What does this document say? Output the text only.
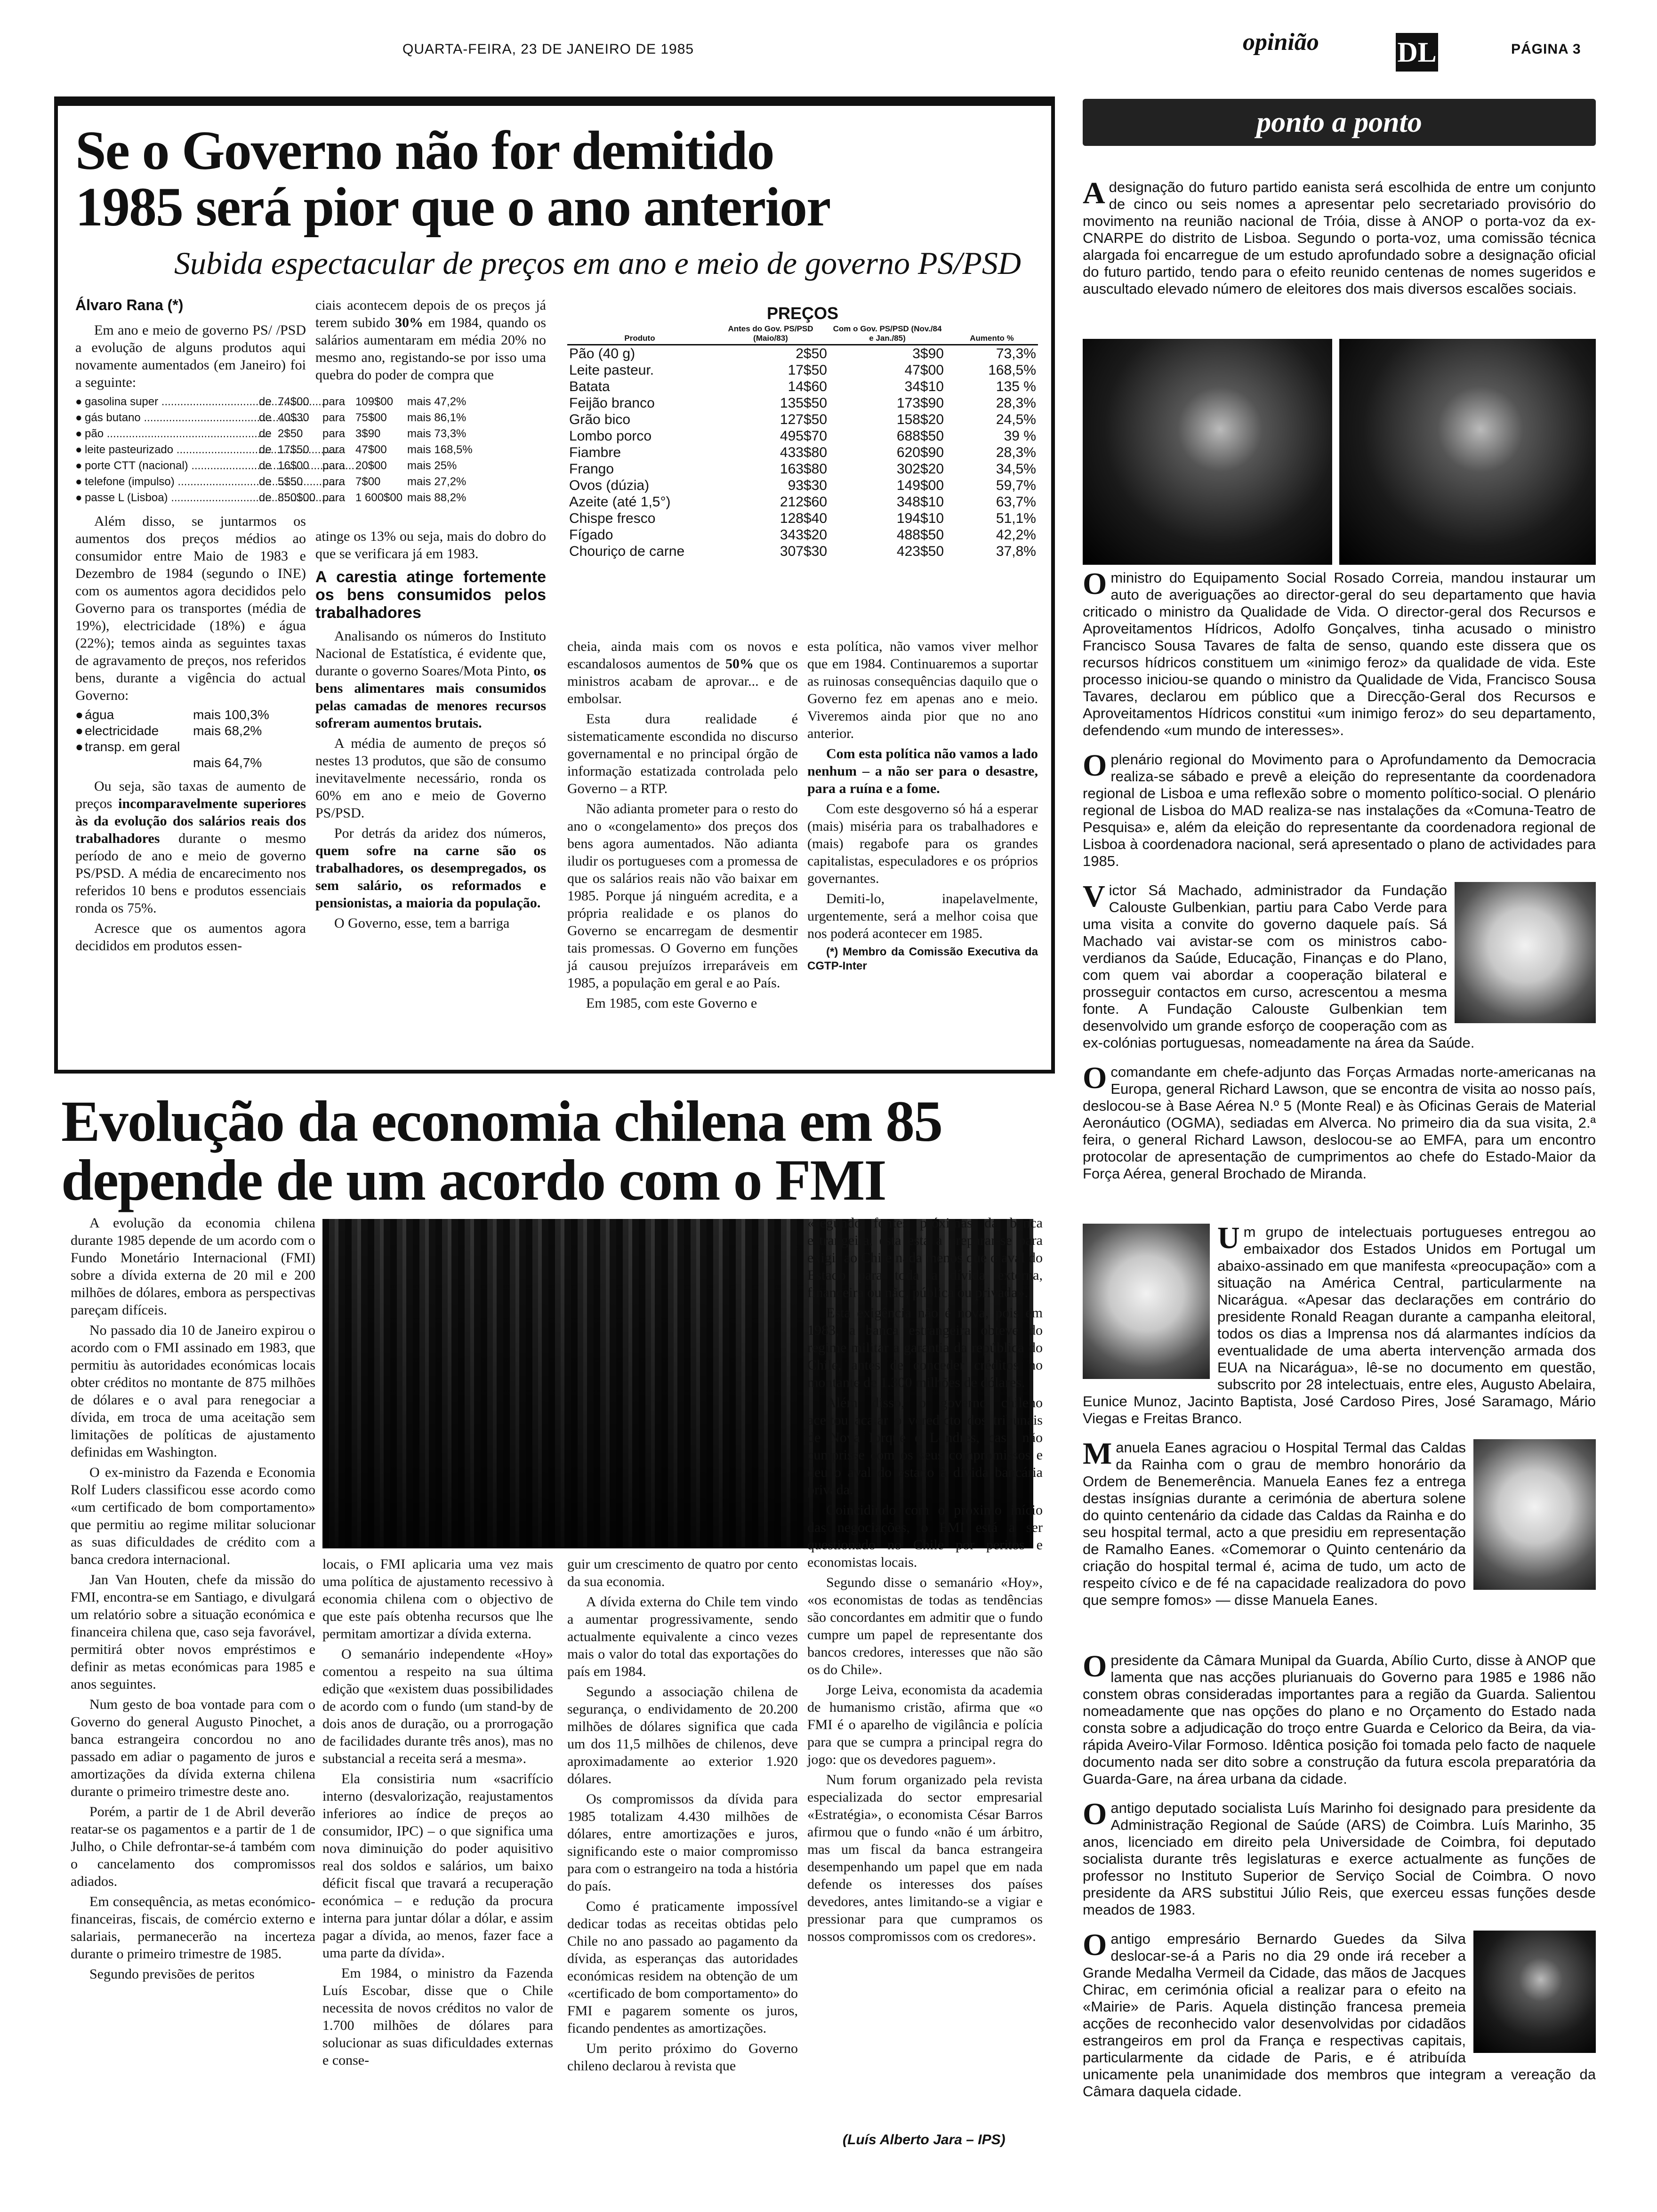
QUARTA-FEIRA, 23 DE JANEIRO DE 1985	opinião	DL	PÁGINA 3
Se o Governo não for demitido
1985 será pior que o ano anterior
Subida espectacular de preços em ano e meio de governo PS/PSD
Álvaro Rana (*)

Em ano e meio de governo PS/ /PSD a evolução de alguns produtos aqui novamente aumentados (em Janeiro) foi a seguinte:

● gasolina super .....	de 74$00	para 109$00	mais 47,2%
● gás butano .....	de 40$30	para 75$00	mais 86,1%
● pão .....	de 2$50	para 3$90	mais 73,3%
● leite pasteurizado .....	de 17$50	para 47$00	mais 168,5%
● porte CTT (nacional) .....	de 16$00	para 20$00	mais 25%
● telefone (impulso) .....	de 5$50	para 7$00	mais 27,2%
● passe L (Lisboa) .....	de 850$00 para 1 600$00 mais 88,2%

Além disso, se juntarmos os aumentos dos preços médios ao consumidor entre Maio de 1983 e Dezembro de 1984 (segundo o INE) com os aumentos agora decididos pelo Governo para os transportes (média de 19%), electricidade (18%) e água (22%); temos ainda as seguintes taxas de agravamento de preços, nos referidos bens, durante a vigência do actual Governo:

● água	mais 100,3%
● electricidade	mais 68,2%
● transp. em geral
mais 64,7%

Ou seja, são taxas de aumento de preços incomparavelmente superiores às da evolução dos salários reais dos trabalhadores durante o mesmo período de ano e meio de governo PS/PSD. A média de encarecimento nos referidos 10 bens e produtos essenciais ronda os 75%.

Acresce que os aumentos agora decididos em produtos essen-

ciais acontecem depois de os preços já terem subido 30% em 1984, quando os salários aumentaram em média 20% no mesmo ano, registando-se por isso uma quebra do poder de compra que

atinge os 13% ou seja, mais do dobro do que se verificara já em 1983.

A carestia atinge fortemente os bens consumidos pelos trabalhadores

Analisando os números do Instituto Nacional de Estatística, é evidente que, durante o governo Soares/Mota Pinto, os bens alimentares mais consumidos pelas camadas de menores recursos sofreram aumentos brutais.

A média de aumento de preços só nestes 13 produtos, que são de consumo inevitavelmente necessário, ronda os 60% em ano e meio de Governo PS/PSD.

Por detrás da aridez dos números, quem sofre na carne são os trabalhadores, os desempregados, os sem salário, os reformados e pensionistas, a maioria da população.

O Governo, esse, tem a barriga

PREÇOS
Produto	Antes do Gov. PS/PSD (Maio/83)	Com o Gov. PS/PSD (Nov./84 e Jan./85)	Aumento %
Pão (40 g)	2$50	3$90	73,3%
Leite pasteur.	17$50	47$00	168,5%
Batata	14$60	34$10	135 %
Feijão branco	135$50	173$90	28,3%
Grão bico	127$50	158$20	24,5%
Lombo porco	495$70	688$50	39 %
Fiambre	433$80	620$90	28,3%
Frango	163$80	302$20	34,5%
Ovos (dúzia)	93$30	149$00	59,7%
Azeite (até 1,5°)	212$60	348$10	63,7%
Chispe fresco	128$40	194$10	51,1%
Fígado	343$20	488$50	42,2%
Chouriço de carne	307$30	423$50	37,8%

cheia, ainda mais com os novos e escandalosos aumentos de 50% que os ministros acabam de aprovar... e de embolsar.

Esta dura realidade é sistematicamente escondida no discurso governamental e no principal órgão de informação estatizada controlada pelo Governo – a RTP.

Não adianta prometer para o resto do ano o «congelamento» dos preços dos bens agora aumentados. Não adianta iludir os portugueses com a promessa de que os salários reais não vão baixar em 1985. Porque já ninguém acredita, e a própria realidade e os planos do Governo se encarregam de desmentir tais promessas. O Governo em funções já causou prejuízos irreparáveis em 1985, a população em geral e ao País.

Em 1985, com este Governo e

esta política, não vamos viver melhor que em 1984. Continuaremos a suportar as ruinosas consequências daquilo que o Governo fez em apenas ano e meio. Viveremos ainda pior que no ano anterior.

Com esta política não vamos a lado nenhum – a não ser para o desastre, para a ruína e a fome.

Com este desgoverno só há a esperar (mais) miséria para os trabalhadores e (mais) regabofe para os grandes capitalistas, especuladores e os próprios governantes.

Demiti-lo, inapelavelmente, urgentemente, será a melhor coisa que nos poderá acontecer em 1985.

(*) Membro da Comissão Executiva da CGTP-Inter

Evolução da economia chilena em 85
depende de um acordo com o FMI

A evolução da economia chilena durante 1985 depende de um acordo com o Fundo Monetário Internacional (FMI) sobre a dívida externa de 20 mil e 200 milhões de dólares, embora as perspectivas pareçam difíceis.

No passado dia 10 de Janeiro expirou o acordo com o FMI assinado em 1983, que permitiu às autoridades económicas locais obter créditos no montante de 875 milhões de dólares e o aval para renegociar a dívida, em troca de uma aceitação sem limitações de políticas de ajustamento definidas em Washington.

O ex-ministro da Fazenda e Economia Rolf Luders classificou esse acordo como «um certificado de bom comportamento» que permitiu ao regime militar solucionar as suas dificuldades de crédito com a banca credora internacional.

Jan Van Houten, chefe da missão do FMI, encontra-se em Santiago, e divulgará um relatório sobre a situação económica e financeira chilena que, caso seja favorável, permitirá obter novos empréstimos e definir as metas económicas para 1985 e anos seguintes.

Num gesto de boa vontade para com o Governo do general Augusto Pinochet, a banca estrangeira concordou no ano passado em adiar o pagamento de juros e amortizações da dívida externa chilena durante o primeiro trimestre deste ano.

Porém, a partir de 1 de Abril deverão reatar-se os pagamentos e a partir de 1 de Julho, o Chile defrontar-se-á também com o cancelamento dos compromissos adiados.

Em consequência, as metas económico-financeiras, fiscais, de comércio externo e salariais, permanecerão na incerteza durante o primeiro trimestre de 1985.

Segundo previsões de peritos

locais, o FMI aplicaria uma vez mais uma política de ajustamento recessivo à economia chilena com o objectivo de que este país obtenha recursos que lhe permitam amortizar a dívida externa.

O semanário independente «Hoy» comentou a respeito na sua última edição que «existem duas possibilidades de acordo com o fundo (um stand-by de dois anos de duração, ou a prorrogação de facilidades durante três anos), mas no substancial a receita será a mesma».

Ela consistiria num «sacrifício interno (desvalorização, reajustamentos inferiores ao índice de preços ao consumidor, IPC) – o que significa uma nova diminuição do poder aquisitivo real dos soldos e salários, um baixo déficit fiscal que travará a recuperação económica – e redução da procura interna para juntar dólar a dólar, e assim pagar a dívida, ao menos, fazer face a uma parte da dívida».

Em 1984, o ministro da Fazenda Luís Escobar, disse que o Chile necessita de novos créditos no valor de 1.700 milhões de dólares para solucionar as suas dificuldades externas e conse-

guir um crescimento de quatro por cento da sua economia.

A dívida externa do Chile tem vindo a aumentar progressivamente, sendo actualmente equivalente a cinco vezes mais o valor do total das exportações do país em 1984.

Segundo a associação chilena de segurança, o endividamento de 20.200 milhões de dólares significa que cada um dos 11,5 milhões de chilenos, deve aproximadamente ao exterior 1.920 dólares.

Os compromissos da dívida para 1985 totalizam 4.430 milhões de dólares, entre amortizações e juros, significando este o maior compromisso para com o estrangeiro na toda a história do país.

Como é praticamente impossível dedicar todas as receitas obtidas pelo Chile no ano passado ao pagamento da dívida, as esperanças das autoridades económicas residem na obtenção de um «certificado de bom comportamento» do FMI e pagarem somente os juros, ficando pendentes as amortizações.

Um perito próximo do Governo chileno declarou à revista que

«segundo fontes próximas da banca estrangeira, esta está a preparar-se para exigir ao Chile nada menos que o aval do Estado para toda a dívida externa, financeira ou não, pública ou privada».

Esta exigência não é nova, pois em 1983, a banca estrangeira obteve do regime militar a garantia da república do Chile, antes de conceder créditos no montante de 1.300 milhões de dólares.

Além disso, o governo chileno aceitou acatar o veredicto dos tribunais de Nova Iorque e Londres, caso não cumprisse com os seus compromissos e deu o aval do estado à dívida bancária privada.

Coincidindo com o próximo início das negociações, o FMI está a ser questionado no Chile por peritos e economistas locais.

Segundo disse o semanário «Hoy», «os economistas de todas as tendências são concordantes em admitir que o fundo cumpre um papel de representante dos bancos credores, interesses que não são os do Chile».

Jorge Leiva, economista da academia de humanismo cristão, afirma que «o FMI é o aparelho de vigilância e polícia para que se cumpra a principal regra do jogo: que os devedores paguem».

Num forum organizado pela revista especializada do sector empresarial «Estratégia», o economista César Barros afirmou que o fundo «não é um árbitro, mas um fiscal da banca estrangeira desempenhando um papel que em nada defende os interesses dos países devedores, antes limitando-se a vigiar e pressionar para que cumpramos os nossos compromissos com os credores».

(Luís Alberto Jara – IPS)
ponto a ponto

Adesignação do futuro partido eanista será escolhida de entre um conjunto de cinco ou seis nomes a apresentar pelo secretariado provisório do movimento na reunião nacional de Tróia, disse à ANOP o porta-voz da ex-CNARPE do distrito de Lisboa. Segundo o porta-voz, uma comissão técnica alargada foi encarregue de um estudo aprofundado sobre a designação oficial do futuro partido, tendo para o efeito reunido centenas de nomes sugeridos e auscultado elevado número de eleitores dos mais diversos escalões sociais.

Oministro do Equipamento Social Rosado Correia, mandou instaurar um auto de averiguações ao director-geral do seu departamento que havia criticado o ministro da Qualidade de Vida. O director-geral dos Recursos e Aproveitamentos Hídricos, Adolfo Gonçalves, tinha acusado o ministro Francisco Sousa Tavares de falta de senso, quando este dissera que os recursos hídricos constituem um «inimigo feroz» da qualidade de vida. Este processo iniciou-se quando o ministro da Qualidade de Vida, Francisco Sousa Tavares, declarou em público que a Direcção-Geral dos Recursos e Aproveitamentos Hídricos constitui «um inimigo feroz» do seu departamento, defendendo «um mundo de interesses».

Oplenário regional do Movimento para o Aprofundamento da Democracia realiza-se sábado e prevê a eleição do representante da coordenadora regional de Lisboa e uma reflexão sobre o momento político-social. O plenário regional de Lisboa do MAD realiza-se nas instalações da «Comuna-Teatro de Pesquisa» e, além da eleição do representante da coordenadora regional de Lisboa à coordenadora nacional, será apresentado o plano de actividades para 1985.

Victor Sá Machado, administrador da Fundação Calouste Gulbenkian, partiu para Cabo Verde para uma visita a convite do governo daquele país. Sá Machado vai avistar-se com os ministros cabo-verdianos da Saúde, Educação, Finanças e do Plano, com quem vai abordar a cooperação bilateral e prosseguir contactos em curso, acrescentou a mesma fonte. A Fundação Calouste Gulbenkian tem desenvolvido um grande esforço de cooperação com as ex-colónias portuguesas, nomeadamente na área da Saúde.

Ocomandante em chefe-adjunto das Forças Armadas norte-americanas na Europa, general Richard Lawson, que se encontra de visita ao nosso país, deslocou-se à Base Aérea N.º 5 (Monte Real) e às Oficinas Gerais de Material Aeronáutico (OGMA), sediadas em Alverca. No primeiro dia da sua visita, 2.ª feira, o general Richard Lawson, deslocou-se ao EMFA, para um encontro protocolar de apresentação de cumprimentos ao chefe do Estado-Maior da Força Aérea, general Brochado de Miranda.

Um grupo de intelectuais portugueses entregou ao embaixador dos Estados Unidos em Portugal um abaixo-assinado em que manifesta «preocupação» com a situação na América Central, particularmente na Nicarágua. «Apesar das declarações em contrário do presidente Ronald Reagan durante a campanha eleitoral, todos os dias a Imprensa nos dá alarmantes indícios da eventualidade de uma aberta intervenção armada dos EUA na Nicarágua», lê-se no documento em questão, subscrito por 28 intelectuais, entre eles, Augusto Abelaira, Eunice Munoz, Jacinto Baptista, José Cardoso Pires, José Saramago, Mário Viegas e Freitas Branco.

Manuela Eanes agraciou o Hospital Termal das Caldas da Rainha com o grau de membro honorário da Ordem de Benemerência. Manuela Eanes fez a entrega destas insígnias durante a cerimónia de abertura solene do quinto centenário da cidade das Caldas da Rainha e do seu hospital termal, acto a que presidiu em representação de Ramalho Eanes. «Comemorar o Quinto centenário da criação do hospital termal é, acima de tudo, um acto de respeito cívico e de fé na capacidade realizadora do povo que sempre fomos» — disse Manuela Eanes.

Opresidente da Câmara Munipal da Guarda, Abílio Curto, disse à ANOP que lamenta que nas acções plurianuais do Governo para 1985 e 1986 não constem obras consideradas importantes para a região da Guarda. Salientou nomeadamente que nas opções do plano e no Orçamento do Estado nada consta sobre a adjudicação do troço entre Guarda e Celorico da Beira, da via-rápida Aveiro-Vilar Formoso. Idêntica posição foi tomada pelo facto de naquele documento nada ser dito sobre a construção da futura escola preparatória da Guarda-Gare, na área urbana da cidade.

Oantigo deputado socialista Luís Marinho foi designado para presidente da Administração Regional de Saúde (ARS) de Coimbra. Luís Marinho, 35 anos, licenciado em direito pela Universidade de Coimbra, foi deputado socialista durante três legislaturas e exerce actualmente as funções de professor no Instituto Superior de Serviço Social de Coimbra. O novo presidente da ARS substitui Júlio Reis, que exerceu essas funções desde meados de 1983.

Oantigo empresário Bernardo Guedes da Silva deslocar-se-á a Paris no dia 29 onde irá receber a Grande Medalha Vermeil da Cidade, das mãos de Jacques Chirac, em cerimónia oficial a realizar para o efeito na «Mairie» de Paris. Aquela distinção francesa premeia acções de reconhecido valor desenvolvidas por cidadãos estrangeiros em prol da França e respectivas capitais, particularmente da cidade de Paris, e é atribuída unicamente pela unanimidade dos membros que integram a vereação da Câmara daquela cidade.
